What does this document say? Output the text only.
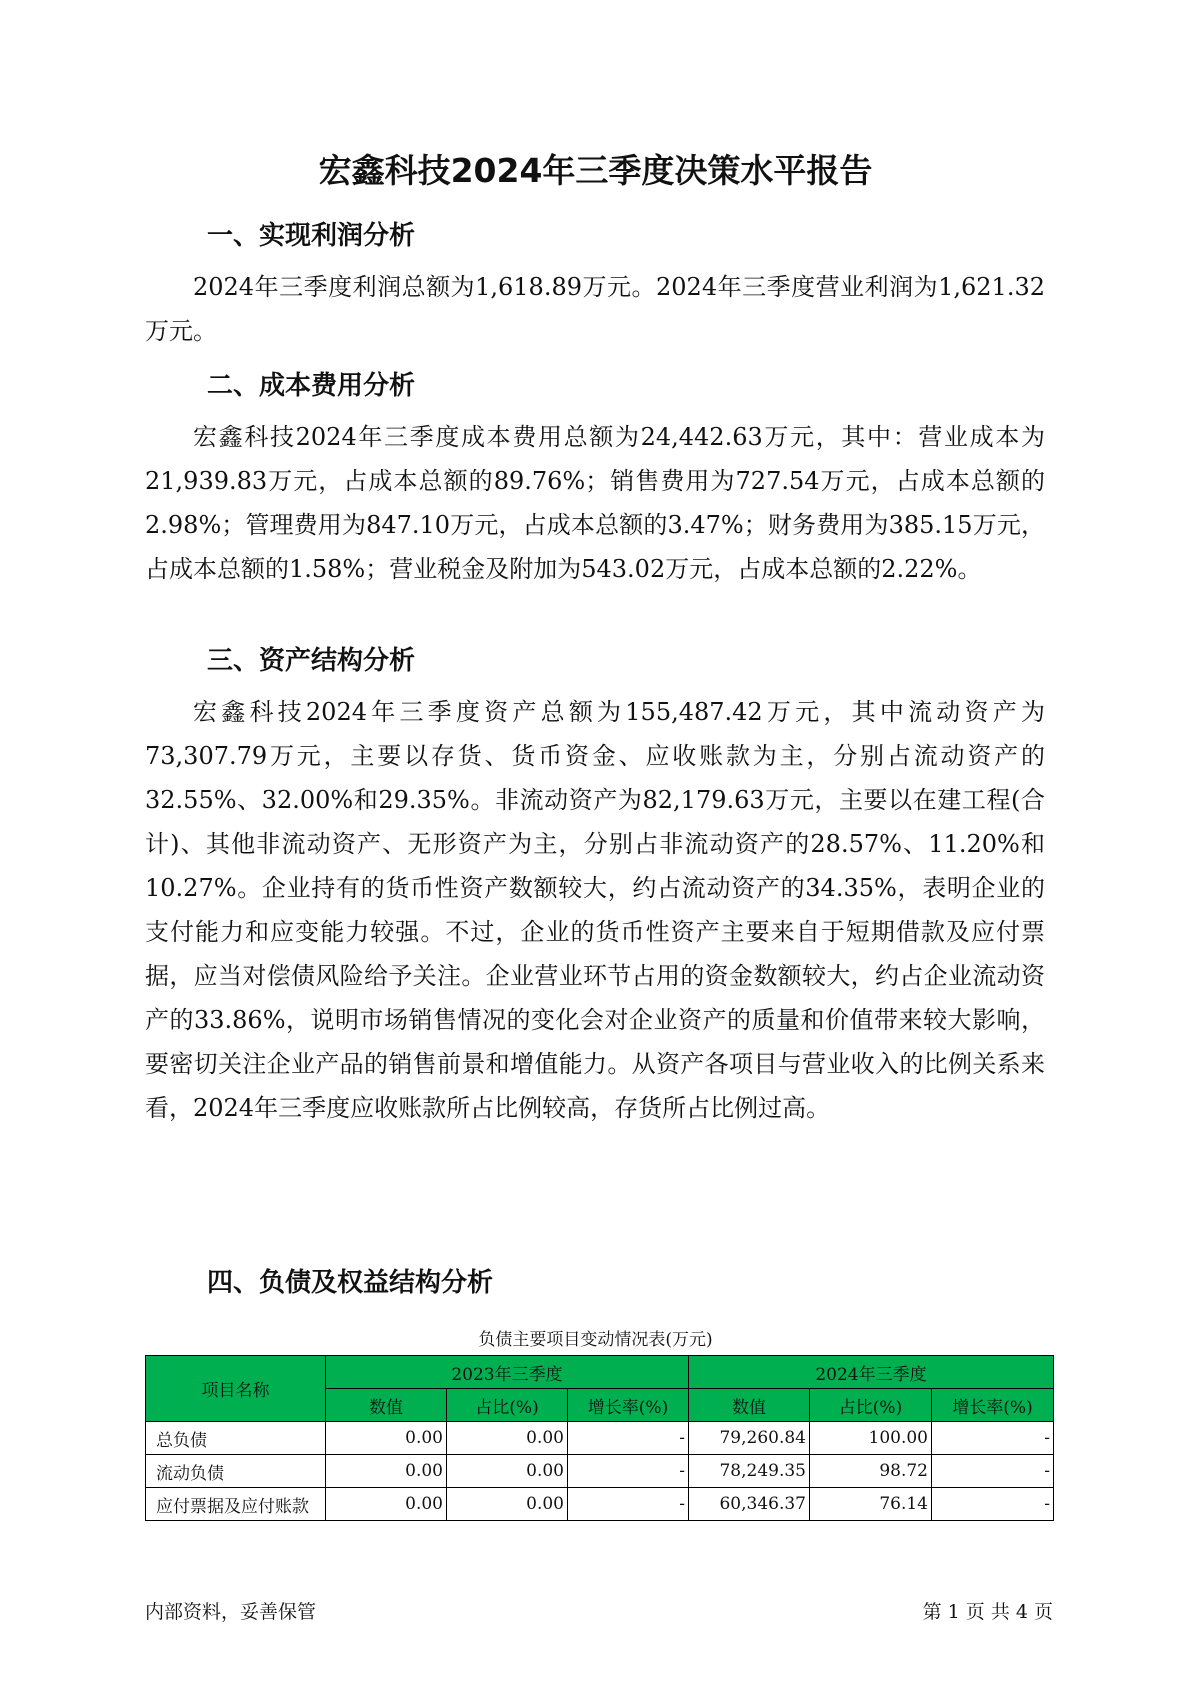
宏鑫科技2024年三季度决策水平报告
一、实现利润分析

2024年三季度利润总额为1,618.89万元。2024年三季度营业利润为1,621.32万元。

二、成本费用分析

宏鑫科技2024年三季度成本费用总额为24,442.63万元，其中：营业成本为21,939.83万元，占成本总额的89.76%；销售费用为727.54万元，占成本总额的2.98%；管理费用为847.10万元，占成本总额的3.47%；财务费用为385.15万元，占成本总额的1.58%；营业税金及附加为543.02万元，占成本总额的2.22%。

三、资产结构分析

宏鑫科技2024年三季度资产总额为155,487.42万元，其中流动资产为73,307.79万元，主要以存货、货币资金、应收账款为主，分别占流动资产的32.55%、32.00%和29.35%。非流动资产为82,179.63万元，主要以在建工程(合计)、其他非流动资产、无形资产为主，分别占非流动资产的28.57%、11.20%和10.27%。企业持有的货币性资产数额较大，约占流动资产的34.35%，表明企业的支付能力和应变能力较强。不过，企业的货币性资产主要来自于短期借款及应付票据，应当对偿债风险给予关注。企业营业环节占用的资金数额较大，约占企业流动资产的33.86%，说明市场销售情况的变化会对企业资产的质量和价值带来较大影响，要密切关注企业产品的销售前景和增值能力。从资产各项目与营业收入的比例关系来看，2024年三季度应收账款所占比例较高，存货所占比例过高。

四、负债及权益结构分析
负债主要项目变动情况表(万元)
项目名称	2023年三季度			2024年三季度		
	数值	占比(%)	增长率(%)	数值	占比(%)	增长率(%)
总负债	0.00	0.00	-	79,260.84	100.00	-
流动负债	0.00	0.00	-	78,249.35	98.72	-
应付票据及应付账款	0.00	0.00	-	60,346.37	76.14	-
内部资料，妥善保管	第 1 页 共 4 页
